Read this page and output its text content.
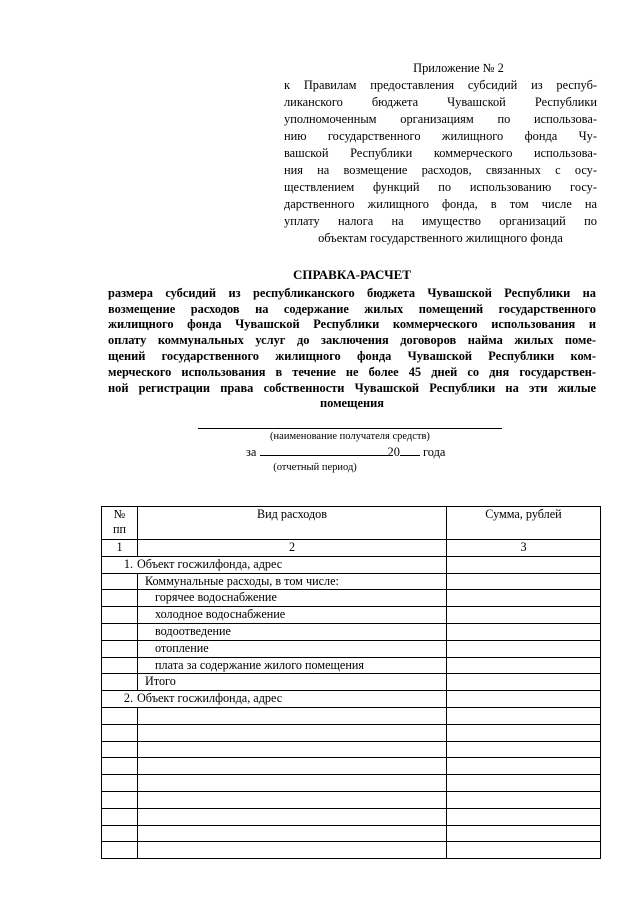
Приложение № 2
к Правилам предоставления субсидий из респуб-
ликанского бюджета Чувашской Республики
уполномоченным организациям по использова-
нию государственного жилищного фонда Чу-
вашской Республики коммерческого использова-
ния на возмещение расходов, связанных с осу-
ществлением функций по использованию госу-
дарственного жилищного фонда, в том числе на
уплату налога на имущество организаций по
объектам государственного жилищного фонда
СПРАВКА-РАСЧЕТ
размера субсидий из республиканского бюджета Чувашской Республики на
возмещение расходов на содержание жилых помещений государственного
жилищного фонда Чувашской Республики коммерческого использования и
оплату коммунальных услуг до заключения договоров найма жилых поме-
щений государственного жилищного фонда Чувашской Республики ком-
мерческого использования в течение не более 45 дней со дня государствен-
ной регистрации права собственности Чувашской Республики на эти жилые
помещения
(наименование получателя средств)
за	20 года
(отчетный период)
№
пп	Вид расходов	Сумма, рублей
1	2	3
1. Объект госжилфонда, адрес		
	Коммунальные расходы, в том числе:	
	горячее водоснабжение	
	холодное водоснабжение	
	водоотведение	
	отопление	
	плата за содержание жилого помещения	
	Итого	
2. Объект госжилфонда, адрес		
